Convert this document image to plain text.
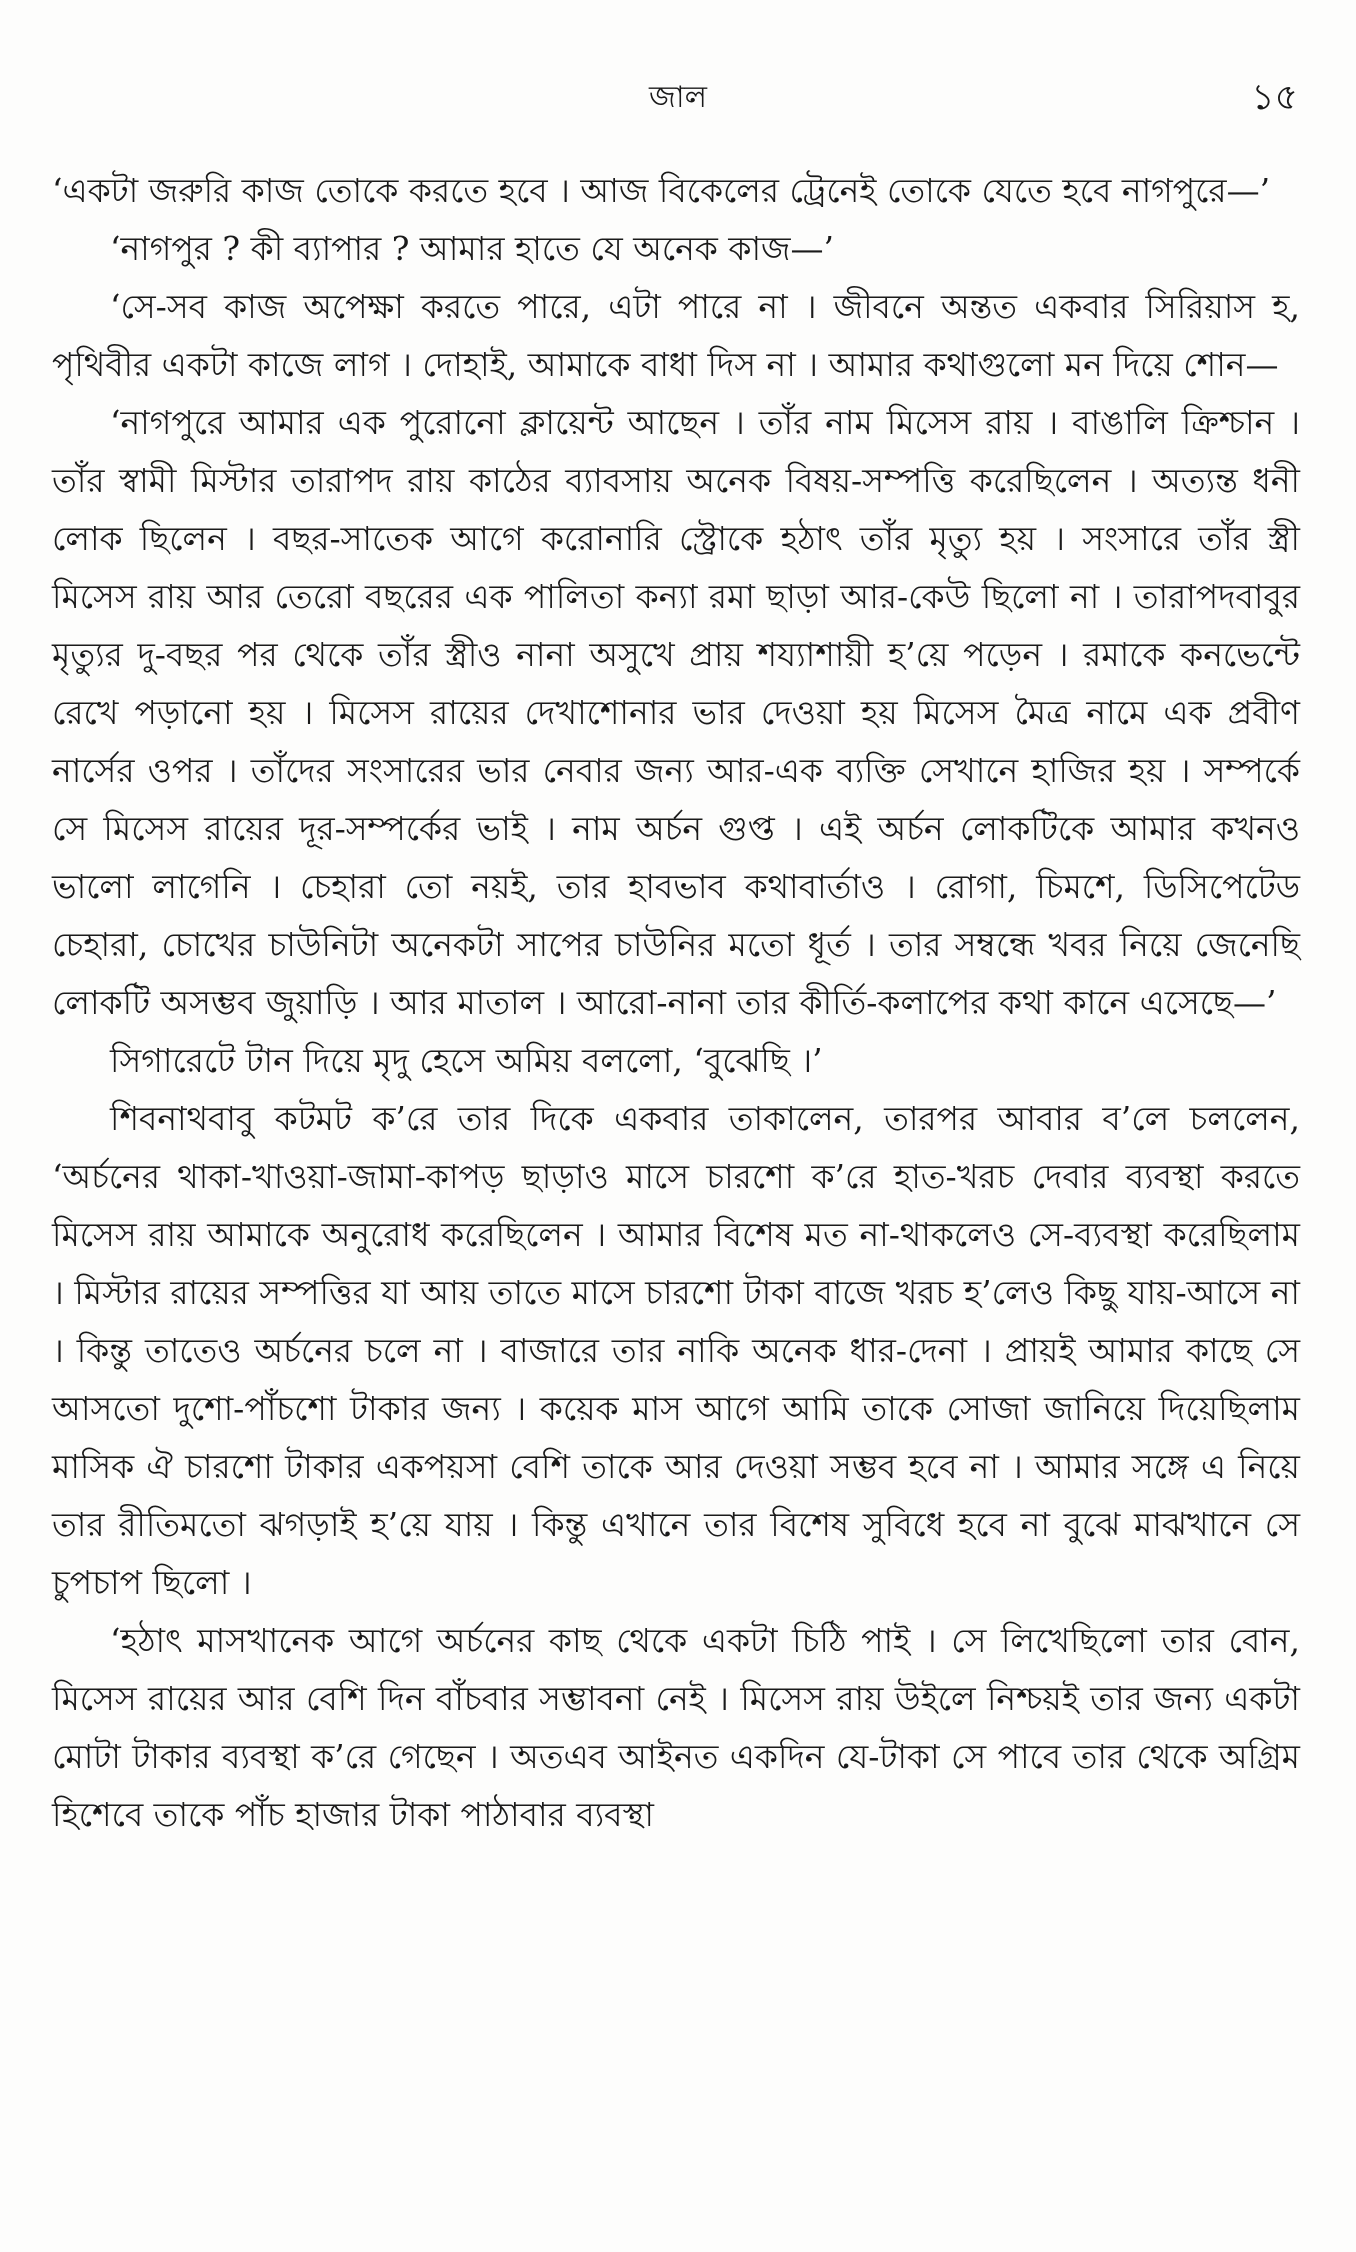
জাল	১৫

‘একটা জরুরি কাজ তোকে করতে হবে । আজ বিকেলের ট্রেনেই তোকে যেতে হবে নাগপুরে—’

‘নাগপুর ? কী ব্যাপার ? আমার হাতে যে অনেক কাজ—’

‘সে-সব কাজ অপেক্ষা করতে পারে, এটা পারে না । জীবনে অন্তত একবার সিরিয়াস হ, পৃথিবীর একটা কাজে লাগ । দোহাই, আমাকে বাধা দিস না । আমার কথাগুলো মন দিয়ে শোন—

‘নাগপুরে আমার এক পুরোনো ক্লায়েন্ট আছেন । তাঁর নাম মিসেস রায় । বাঙালি ক্রিশ্চান । তাঁর স্বামী মিস্টার তারাপদ রায় কাঠের ব্যাবসায় অনেক বিষয়-সম্পত্তি করেছিলেন । অত্যন্ত ধনী লোক ছিলেন । বছর-সাতেক আগে করোনারি স্ট্রোকে হঠাৎ তাঁর মৃত্যু হয় । সংসারে তাঁর স্ত্রী মিসেস রায় আর তেরো বছরের এক পালিতা কন্যা রমা ছাড়া আর-কেউ ছিলো না । তারাপদবাবুর মৃত্যুর দু-বছর পর থেকে তাঁর স্ত্রীও নানা অসুখে প্রায় শয্যাশায়ী হ’য়ে পড়েন । রমাকে কনভেন্টে রেখে পড়ানো হয় । মিসেস রায়ের দেখাশোনার ভার দেওয়া হয় মিসেস মৈত্র নামে এক প্রবীণ নার্সের ওপর । তাঁদের সংসারের ভার নেবার জন্য আর-এক ব্যক্তি সেখানে হাজির হয় । সম্পর্কে সে মিসেস রায়ের দূর-সম্পর্কের ভাই । নাম অর্চন গুপ্ত । এই অর্চন লোকটিকে আমার কখনও ভালো লাগেনি । চেহারা তো নয়ই, তার হাবভাব কথাবার্তাও । রোগা, চিমশে, ডিসিপেটেড চেহারা, চোখের চাউনিটা অনেকটা সাপের চাউনির মতো ধূর্ত । তার সম্বন্ধে খবর নিয়ে জেনেছি লোকটি অসম্ভব জুয়াড়ি । আর মাতাল । আরো-নানা তার কীর্তি-কলাপের কথা কানে এসেছে—’

সিগারেটে টান দিয়ে মৃদু হেসে অমিয় বললো, ‘বুঝেছি ।’

শিবনাথবাবু কটমট ক’রে তার দিকে একবার তাকালেন, তারপর আবার ব’লে চললেন, ‘অর্চনের থাকা-খাওয়া-জামা-কাপড় ছাড়াও মাসে চারশো ক’রে হাত-খরচ দেবার ব্যবস্থা করতে মিসেস রায় আমাকে অনুরোধ করেছিলেন । আমার বিশেষ মত না-থাকলেও সে-ব্যবস্থা করেছিলাম । মিস্টার রায়ের সম্পত্তির যা আয় তাতে মাসে চারশো টাকা বাজে খরচ হ’লেও কিছু যায়-আসে না । কিন্তু তাতেও অর্চনের চলে না । বাজারে তার নাকি অনেক ধার-দেনা । প্রায়ই আমার কাছে সে আসতো দুশো-পাঁচশো টাকার জন্য । কয়েক মাস আগে আমি তাকে সোজা জানিয়ে দিয়েছিলাম মাসিক ঐ চারশো টাকার একপয়সা বেশি তাকে আর দেওয়া সম্ভব হবে না । আমার সঙ্গে এ নিয়ে তার রীতিমতো ঝগড়াই হ’য়ে যায় । কিন্তু এখানে তার বিশেষ সুবিধে হবে না বুঝে মাঝখানে সে চুপচাপ ছিলো ।

‘হঠাৎ মাসখানেক আগে অর্চনের কাছ থেকে একটা চিঠি পাই । সে লিখেছিলো তার বোন, মিসেস রায়ের আর বেশি দিন বাঁচবার সম্ভাবনা নেই । মিসেস রায় উইলে নিশ্চয়ই তার জন্য একটা মোটা টাকার ব্যবস্থা ক’রে গেছেন । অতএব আইনত একদিন যে-টাকা সে পাবে তার থেকে অগ্রিম হিশেবে তাকে পাঁচ হাজার টাকা পাঠাবার ব্যবস্থা
